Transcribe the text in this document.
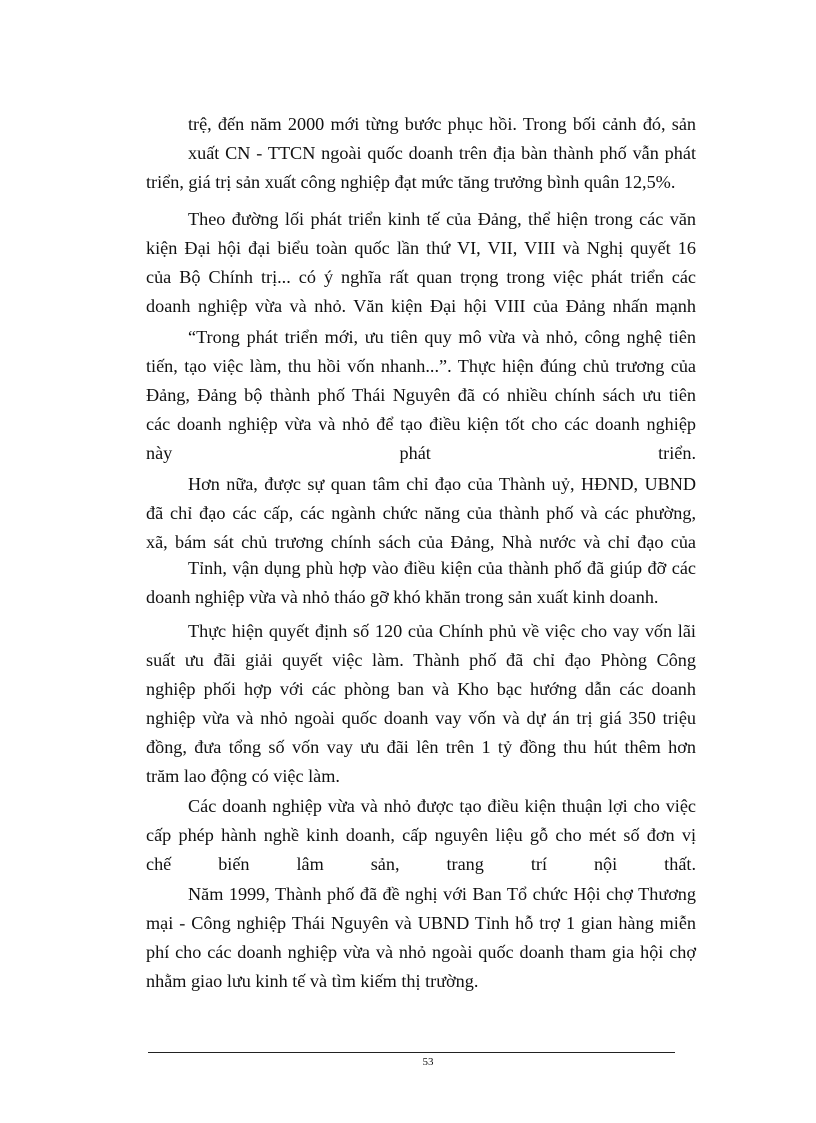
trệ, đến năm 2000 mới từng bước phục hồi. Trong bối cảnh đó, sản
xuất CN - TTCN ngoài quốc doanh trên địa bàn thành phố vẫn phát
triển, giá trị sản xuất công nghiệp đạt mức tăng trưởng bình quân 12,5%.
Theo đường lối phát triển kinh tế của Đảng, thể hiện trong các văn
kiện Đại hội đại biểu toàn quốc lần thứ VI, VII, VIII và Nghị quyết 16
của Bộ Chính trị... có ý nghĩa rất quan trọng trong việc phát triển các
doanh nghiệp vừa và nhỏ. Văn kiện Đại hội VIII của Đảng nhấn mạnh
“Trong phát triển mới, ưu tiên quy mô vừa và nhỏ, công nghệ tiên
tiến, tạo việc làm, thu hồi vốn nhanh...”. Thực hiện đúng chủ trương của
Đảng, Đảng bộ thành phố Thái Nguyên đã có nhiều chính sách ưu tiên
các doanh nghiệp vừa và nhỏ để tạo điều kiện tốt cho các doanh nghiệp
này phát triển.
Hơn nữa, được sự quan tâm chỉ đạo của Thành uỷ, HĐND, UBND
đã chỉ đạo các cấp, các ngành chức năng của thành phố và các phường,
xã, bám sát chủ trương chính sách của Đảng, Nhà nước và chỉ đạo của
Tỉnh, vận dụng phù hợp vào điều kiện của thành phố đã giúp đỡ các
doanh nghiệp vừa và nhỏ tháo gỡ khó khăn trong sản xuất kinh doanh.
Thực hiện quyết định số 120 của Chính phủ về việc cho vay vốn lãi
suất ưu đãi giải quyết việc làm. Thành phố đã chỉ đạo Phòng Công
nghiệp phối hợp với các phòng ban và Kho bạc hướng dẫn các doanh
nghiệp vừa và nhỏ ngoài quốc doanh vay vốn và dự án trị giá 350 triệu
đồng, đưa tổng số vốn vay ưu đãi lên trên 1 tỷ đồng thu hút thêm hơn
trăm lao động có việc làm.
Các doanh nghiệp vừa và nhỏ được tạo điều kiện thuận lợi cho việc
cấp phép hành nghề kinh doanh, cấp nguyên liệu gỗ cho mét số đơn vị
chế biến lâm sản, trang trí nội thất.
Năm 1999, Thành phố đã đề nghị với Ban Tổ chức Hội chợ Thương
mại - Công nghiệp Thái Nguyên và UBND Tỉnh hỗ trợ 1 gian hàng miễn
phí cho các doanh nghiệp vừa và nhỏ ngoài quốc doanh tham gia hội chợ
nhằm giao lưu kinh tế và tìm kiếm thị trường.
53
